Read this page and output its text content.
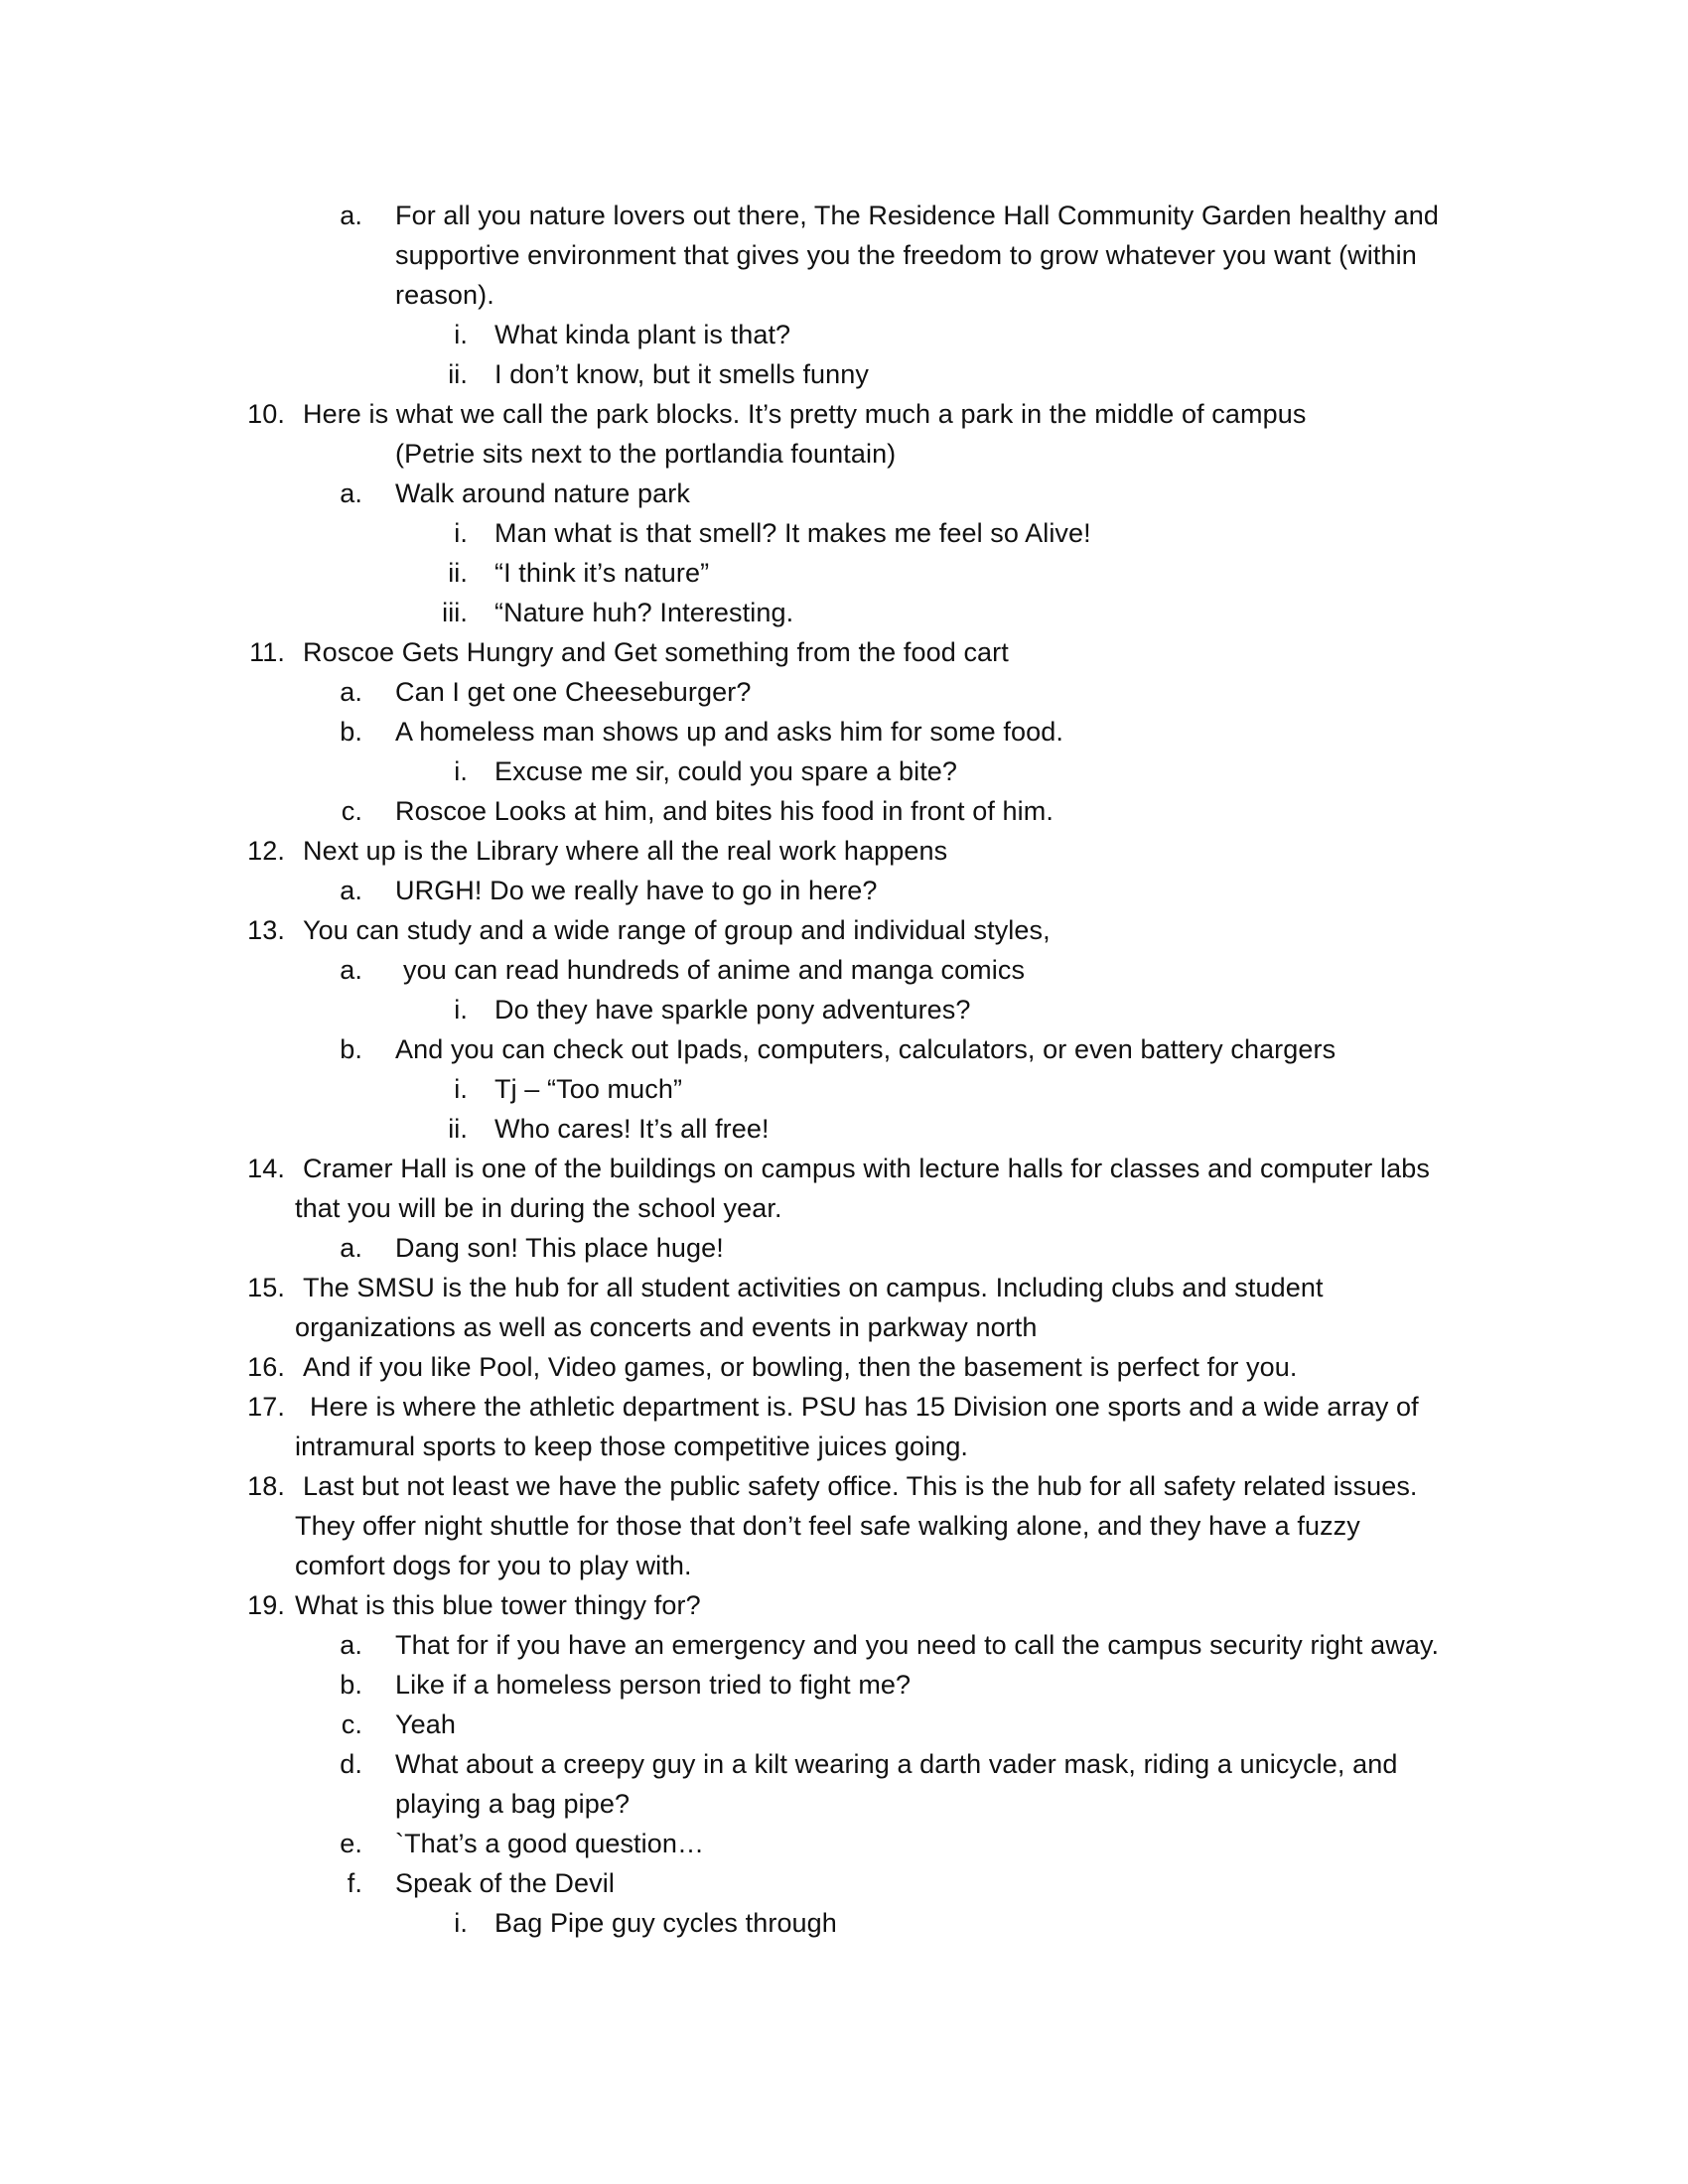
a. For all you nature lovers out there, The Residence Hall Community Garden healthy and
supportive environment that gives you the freedom to grow whatever you want (within
reason).
i. What kinda plant is that?
ii. I don’t know, but it smells funny
10. Here is what we call the park blocks. It’s pretty much a park in the middle of campus
(Petrie sits next to the portlandia fountain)
a. Walk around nature park
i. Man what is that smell? It makes me feel so Alive!
ii. “I think it’s nature”
iii. “Nature huh? Interesting.
11. Roscoe Gets Hungry and Get something from the food cart
a. Can I get one Cheeseburger?
b. A homeless man shows up and asks him for some food.
i. Excuse me sir, could you spare a bite?
c. Roscoe Looks at him, and bites his food in front of him.
12. Next up is the Library where all the real work happens
a. URGH! Do we really have to go in here?
13. You can study and a wide range of group and individual styles,
a. you can read hundreds of anime and manga comics
i. Do they have sparkle pony adventures?
b. And you can check out Ipads, computers, calculators, or even battery chargers
i. Tj – “Too much”
ii. Who cares! It’s all free!
14. Cramer Hall is one of the buildings on campus with lecture halls for classes and computer labs
that you will be in during the school year.
a. Dang son! This place huge!
15. The SMSU is the hub for all student activities on campus. Including clubs and student
organizations as well as concerts and events in parkway north
16. And if you like Pool, Video games, or bowling, then the basement is perfect for you.
17. Here is where the athletic department is. PSU has 15 Division one sports and a wide array of
intramural sports to keep those competitive juices going.
18. Last but not least we have the public safety office. This is the hub for all safety related issues.
They offer night shuttle for those that don’t feel safe walking alone, and they have a fuzzy
comfort dogs for you to play with.
19. What is this blue tower thingy for?
a. That for if you have an emergency and you need to call the campus security right away.
b. Like if a homeless person tried to fight me?
c. Yeah
d. What about a creepy guy in a kilt wearing a darth vader mask, riding a unicycle, and
playing a bag pipe?
e. `That’s a good question…
f. Speak of the Devil
i. Bag Pipe guy cycles through
